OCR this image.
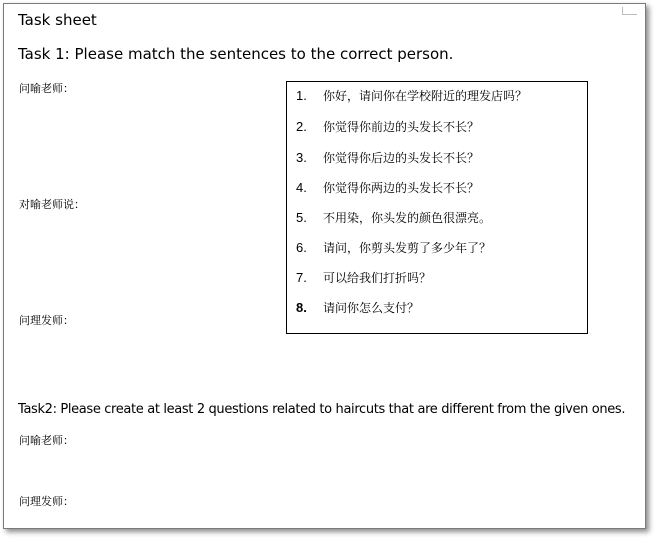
Task sheet
Task 1: Please match the sentences to the correct person.
问喻老师：
对喻老师说：
问理发师：
1. 你好，请问你在学校附近的理发店吗？
2. 你觉得你前边的头发长不长？
3. 你觉得你后边的头发长不长？
4. 你觉得你两边的头发长不长？
5. 不用染，你头发的颜色很漂亮。
6. 请问，你剪头发剪了多少年了？
7. 可以给我们打折吗？
8. 请问你怎么支付？
Task2: Please create at least 2 questions related to haircuts that are different from the given ones.
问喻老师：
问理发师：
